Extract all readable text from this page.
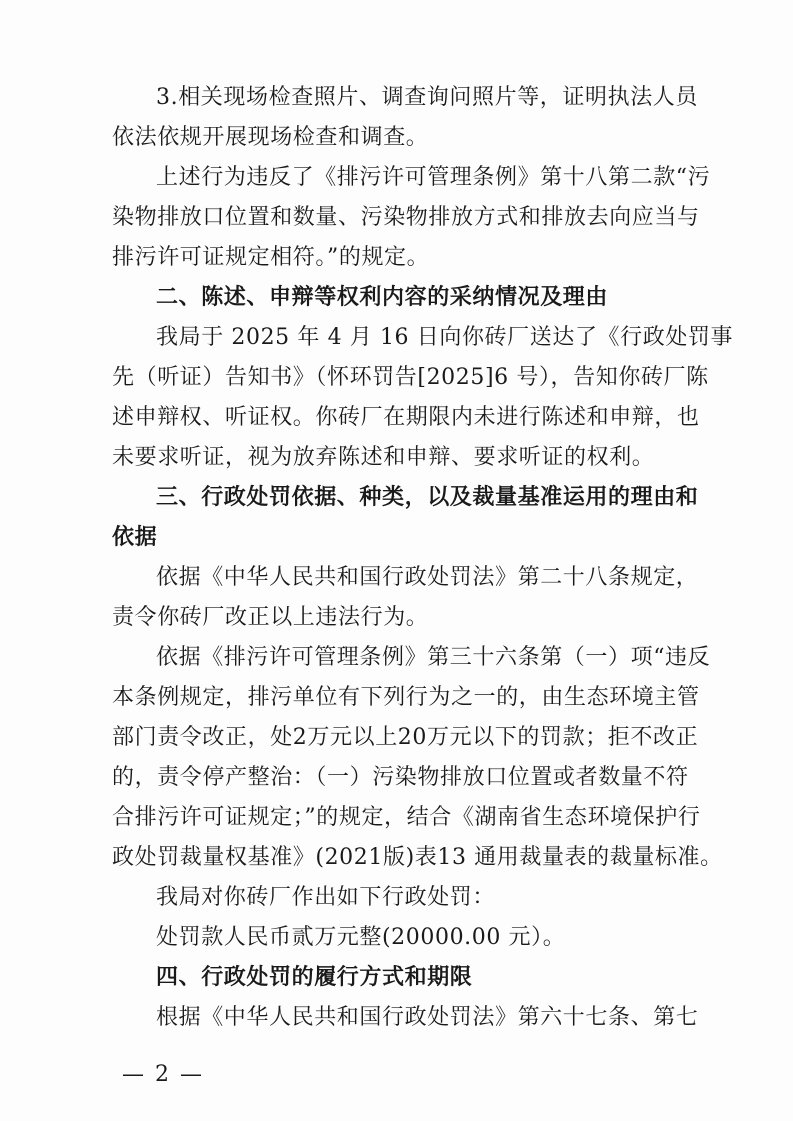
3.相关现场检查照片、调查询问照片等，证明执法人员

依法依规开展现场检查和调查。

上述行为违反了《排污许可管理条例》第十八第二款“污

染物排放口位置和数量、污染物排放方式和排放去向应当与

排污许可证规定相符。”的规定。

二、陈述、申辩等权利内容的采纳情况及理由

我局于 2025 年 4 月 16 日向你砖厂送达了《行政处罚事

先（听证）告知书》（怀环罚告[2025]6 号），告知你砖厂陈

述申辩权、听证权。你砖厂在期限内未进行陈述和申辩，也

未要求听证，视为放弃陈述和申辩、要求听证的权利。

三、行政处罚依据、种类，以及裁量基准运用的理由和

依据

依据《中华人民共和国行政处罚法》第二十八条规定，

责令你砖厂改正以上违法行为。

依据《排污许可管理条例》第三十六条第（一）项“违反

本条例规定，排污单位有下列行为之一的，由生态环境主管

部门责令改正，处2万元以上20万元以下的罚款；拒不改正

的，责令停产整治：（一）污染物排放口位置或者数量不符

合排污许可证规定；”的规定，结合《湖南省生态环境保护行

政处罚裁量权基准》(2021版)表13 通用裁量表的裁量标准。

我局对你砖厂作出如下行政处罚：

处罚款人民币贰万元整(20000.00 元）。

四、行政处罚的履行方式和期限

根据《中华人民共和国行政处罚法》第六十七条、第七

— 2 —
